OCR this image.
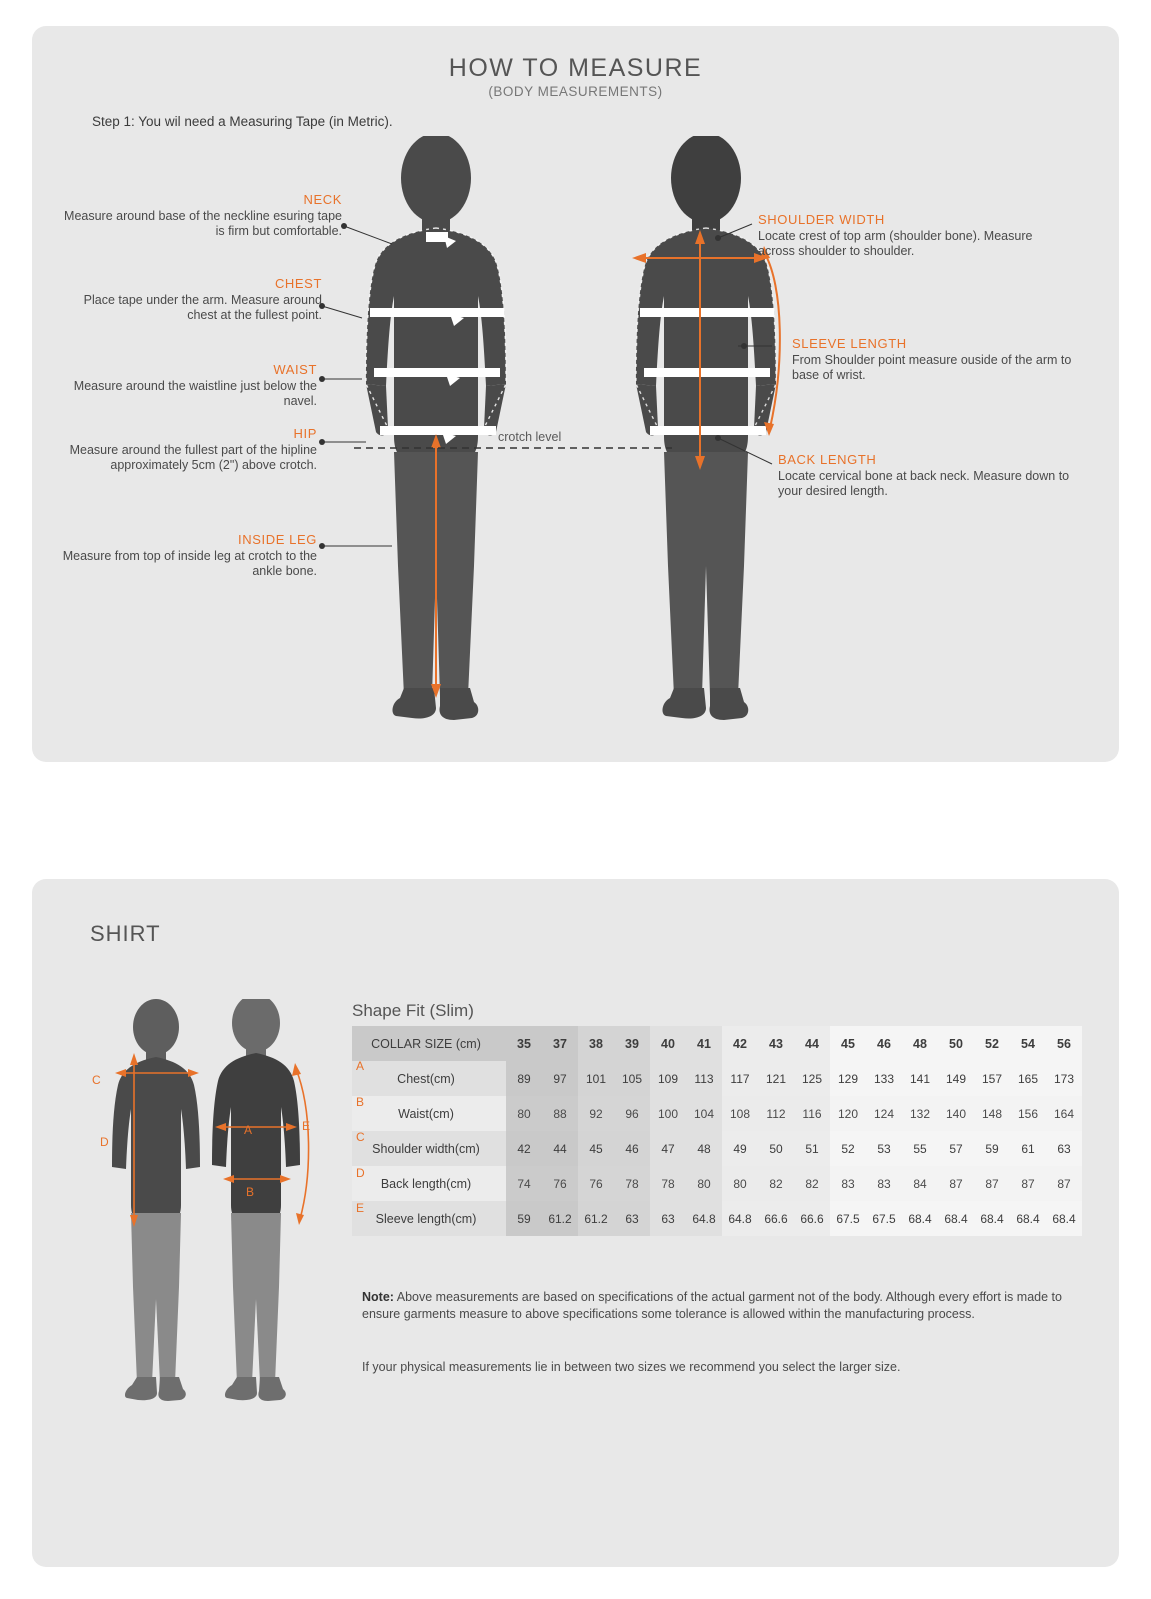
HOW TO MEASURE
(BODY MEASUREMENTS)
Step 1: You wil need a Measuring Tape (in Metric).
NECK
Measure around base of the neckline esuring tape is firm but comfortable.
CHEST
Place tape under the arm. Measure around chest at the fullest point.
WAIST
Measure around the waistline just below the navel.
HIP
Measure around the fullest part of the hipline approximately 5cm (2") above crotch.
INSIDE LEG
Measure from top of inside leg at crotch to the ankle bone.
SHOULDER WIDTH
Locate crest of top arm (shoulder bone). Measure across shoulder to shoulder.
SLEEVE LENGTH
From Shoulder point measure ouside of the arm to base of wrist.
BACK LENGTH
Locate cervical bone at back neck. Measure down to your desired length.
crotch level
SHIRT
Shape Fit (Slim)
C
D
A
B
E
COLLAR SIZE (cm)	35	37	38	39	40	41	42	43	44	45	46	48	50	52	54	56
Chest(cm)	89	97	101	105	109	113	117	121	125	129	133	141	149	157	165	173
Waist(cm)	80	88	92	96	100	104	108	112	116	120	124	132	140	148	156	164
Shoulder width(cm)	42	44	45	46	47	48	49	50	51	52	53	55	57	59	61	63
Back length(cm)	74	76	76	78	78	80	80	82	82	83	83	84	87	87	87	87
Sleeve length(cm)	59	61.2	61.2	63	63	64.8	64.8	66.6	66.6	67.5	67.5	68.4	68.4	68.4	68.4	68.4
A
B
C
D
E
Note: Above measurements are based on specifications of the actual garment not of the body. Although every effort is made to ensure garments measure to above specifications some tolerance is allowed within the manufacturing process.
If your physical measurements lie in between two sizes we recommend you select the larger size.
